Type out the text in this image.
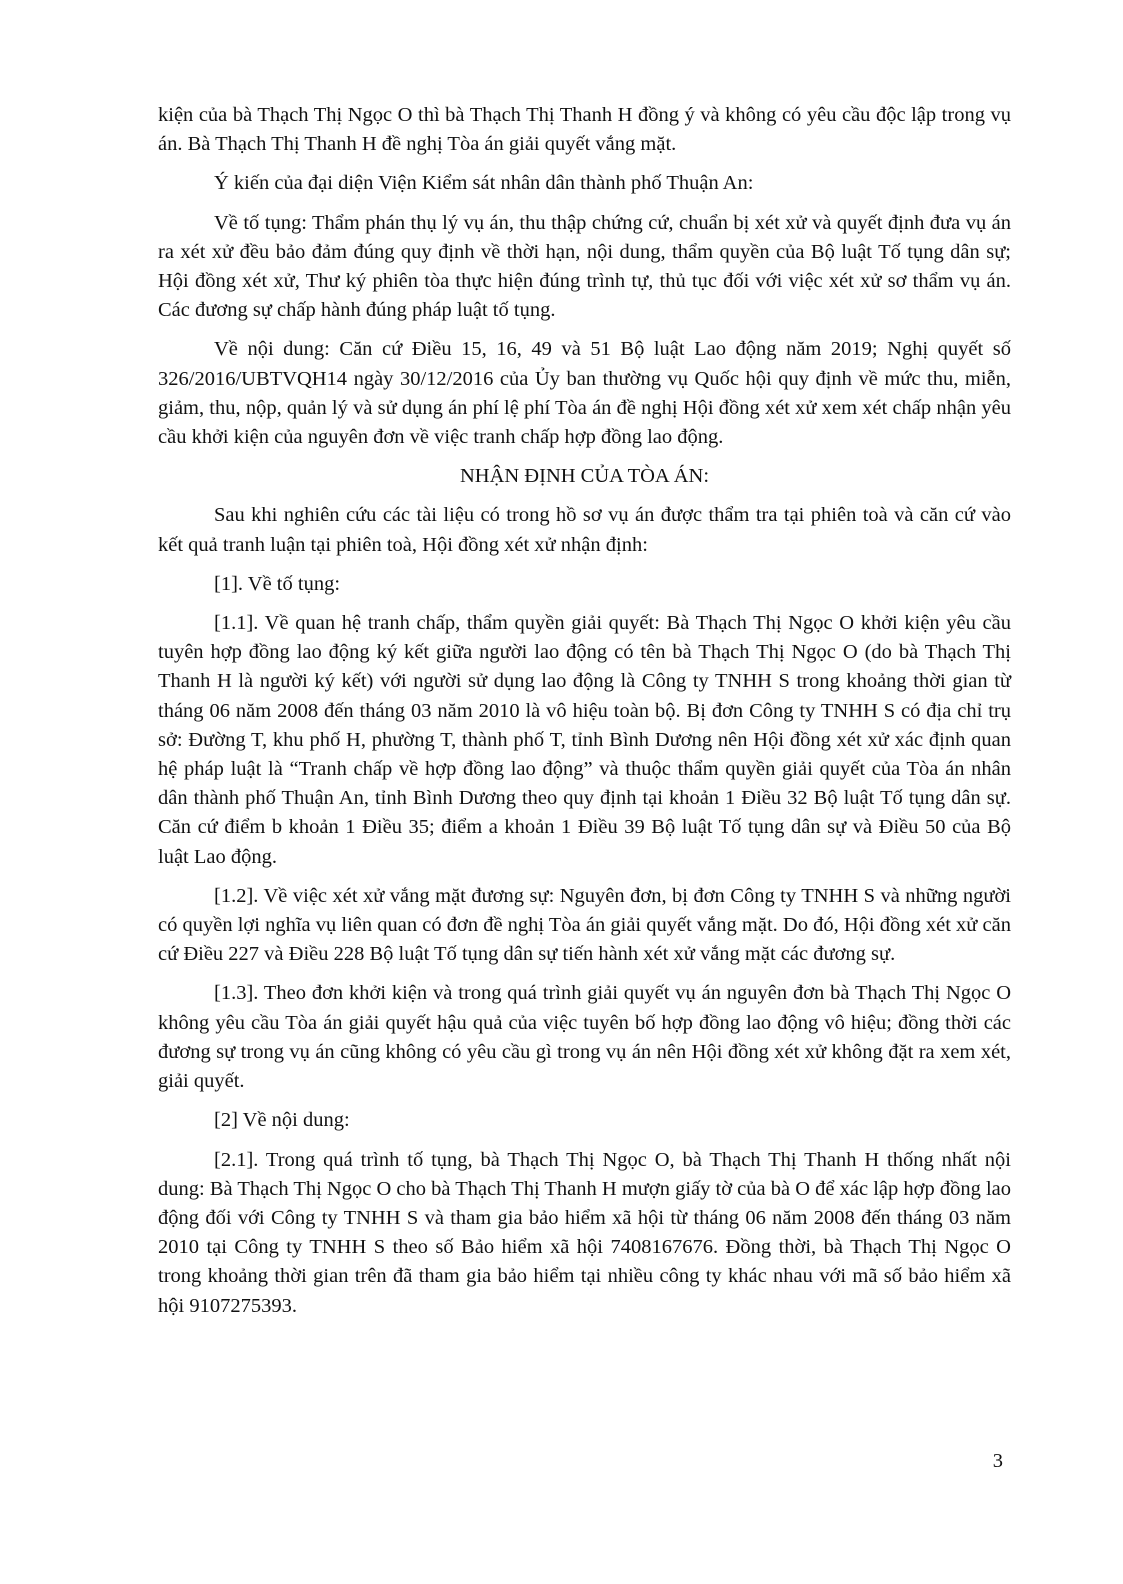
kiện của bà Thạch Thị Ngọc O thì bà Thạch Thị Thanh H đồng ý và không có yêu cầu độc lập trong vụ án. Bà Thạch Thị Thanh H đề nghị Tòa án giải quyết vắng mặt.

Ý kiến của đại diện Viện Kiểm sát nhân dân thành phố Thuận An:

Về tố tụng: Thẩm phán thụ lý vụ án, thu thập chứng cứ, chuẩn bị xét xử và quyết định đưa vụ án ra xét xử đều bảo đảm đúng quy định về thời hạn, nội dung, thẩm quyền của Bộ luật Tố tụng dân sự; Hội đồng xét xử, Thư ký phiên tòa thực hiện đúng trình tự, thủ tục đối với việc xét xử sơ thẩm vụ án. Các đương sự chấp hành đúng pháp luật tố tụng.

Về nội dung: Căn cứ Điều 15, 16, 49 và 51 Bộ luật Lao động năm 2019; Nghị quyết số 326/2016/UBTVQH14 ngày 30/12/2016 của Ủy ban thường vụ Quốc hội quy định về mức thu, miễn, giảm, thu, nộp, quản lý và sử dụng án phí lệ phí Tòa án đề nghị Hội đồng xét xử xem xét chấp nhận yêu cầu khởi kiện của nguyên đơn về việc tranh chấp hợp đồng lao động.

NHẬN ĐỊNH CỦA TÒA ÁN:

Sau khi nghiên cứu các tài liệu có trong hồ sơ vụ án được thẩm tra tại phiên toà và căn cứ vào kết quả tranh luận tại phiên toà, Hội đồng xét xử nhận định:

[1]. Về tố tụng:

[1.1]. Về quan hệ tranh chấp, thẩm quyền giải quyết: Bà Thạch Thị Ngọc O khởi kiện yêu cầu tuyên hợp đồng lao động ký kết giữa người lao động có tên bà Thạch Thị Ngọc O (do bà Thạch Thị Thanh H là người ký kết) với người sử dụng lao động là Công ty TNHH S trong khoảng thời gian từ tháng 06 năm 2008 đến tháng 03 năm 2010 là vô hiệu toàn bộ. Bị đơn Công ty TNHH S có địa chỉ trụ sở: Đường T, khu phố H, phường T, thành phố T, tỉnh Bình Dương nên Hội đồng xét xử xác định quan hệ pháp luật là “Tranh chấp về hợp đồng lao động” và thuộc thẩm quyền giải quyết của Tòa án nhân dân thành phố Thuận An, tỉnh Bình Dương theo quy định tại khoản 1 Điều 32 Bộ luật Tố tụng dân sự. Căn cứ điểm b khoản 1 Điều 35; điểm a khoản 1 Điều 39 Bộ luật Tố tụng dân sự và Điều 50 của Bộ luật Lao động.

[1.2]. Về việc xét xử vắng mặt đương sự: Nguyên đơn, bị đơn Công ty TNHH S và những người có quyền lợi nghĩa vụ liên quan có đơn đề nghị Tòa án giải quyết vắng mặt. Do đó, Hội đồng xét xử căn cứ Điều 227 và Điều 228 Bộ luật Tố tụng dân sự tiến hành xét xử vắng mặt các đương sự.

[1.3]. Theo đơn khởi kiện và trong quá trình giải quyết vụ án nguyên đơn bà Thạch Thị Ngọc O không yêu cầu Tòa án giải quyết hậu quả của việc tuyên bố hợp đồng lao động vô hiệu; đồng thời các đương sự trong vụ án cũng không có yêu cầu gì trong vụ án nên Hội đồng xét xử không đặt ra xem xét, giải quyết.

[2] Về nội dung:

[2.1]. Trong quá trình tố tụng, bà Thạch Thị Ngọc O, bà Thạch Thị Thanh H thống nhất nội dung: Bà Thạch Thị Ngọc O cho bà Thạch Thị Thanh H mượn giấy tờ của bà O để xác lập hợp đồng lao động đối với Công ty TNHH S và tham gia bảo hiểm xã hội từ tháng 06 năm 2008 đến tháng 03 năm 2010 tại Công ty TNHH S theo số Bảo hiểm xã hội 7408167676. Đồng thời, bà Thạch Thị Ngọc O trong khoảng thời gian trên đã tham gia bảo hiểm tại nhiều công ty khác nhau với mã số bảo hiểm xã hội 9107275393.

3
